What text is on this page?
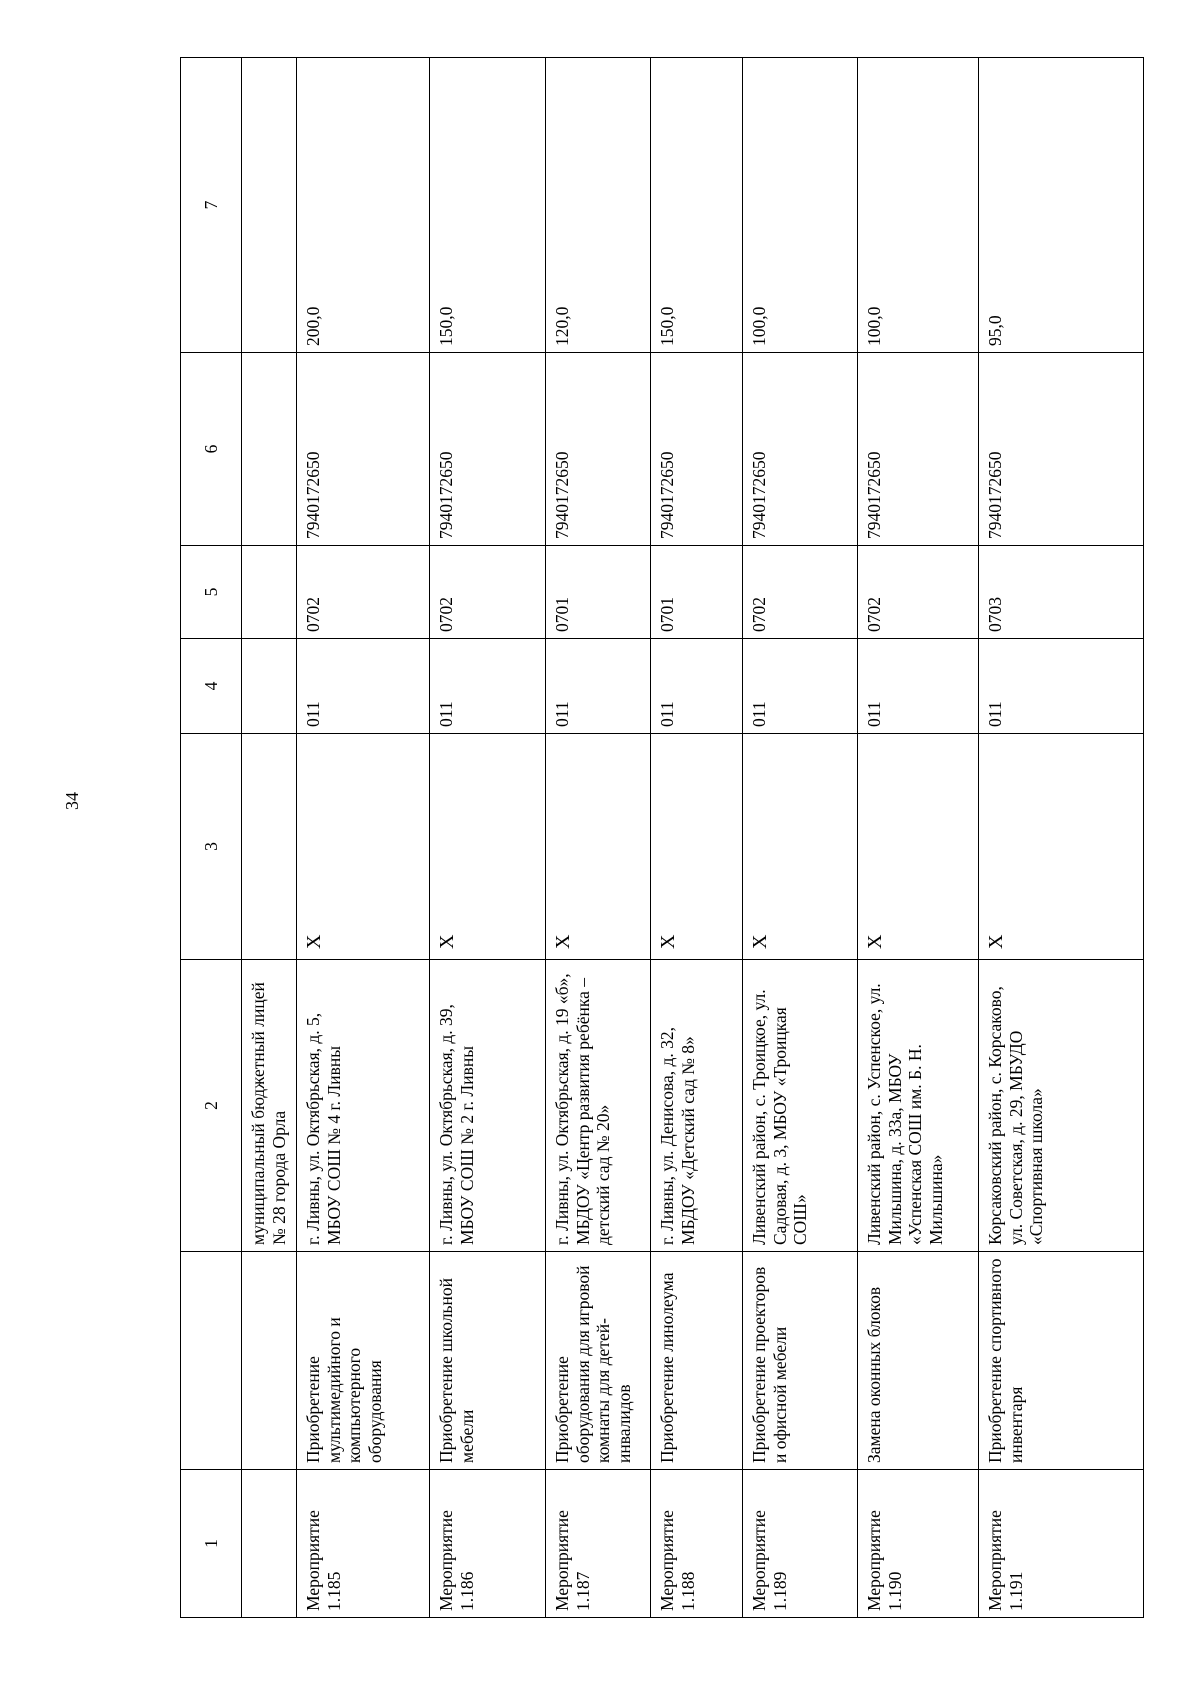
34
1		2	3	4	5	6	7
		муниципальный бюджетный лицей № 28 города Орла					
Мероприятие 1.185	Приобретение мультимедийного и компьютерного оборудования	г. Ливны, ул. Октябрьская, д. 5, МБОУ СОШ № 4 г. Ливны	Х	011	0702	7940172650	200,0
Мероприятие 1.186	Приобретение школьной мебели	г. Ливны, ул. Октябрьская, д. 39, МБОУ СОШ № 2 г. Ливны	Х	011	0702	7940172650	150,0
Мероприятие 1.187	Приобретение оборудования для игровой комнаты для детей-инвалидов	г. Ливны, ул. Октябрьская, д. 19 «б», МБДОУ «Центр развития ребёнка – детский сад № 20»	Х	011	0701	7940172650	120,0
Мероприятие 1.188	Приобретение линолеума	г. Ливны, ул. Денисова, д. 32, МБДОУ «Детский сад № 8»	Х	011	0701	7940172650	150,0
Мероприятие 1.189	Приобретение проекторов и офисной мебели	Ливенский район, с. Троицкое, ул. Садовая, д. 3, МБОУ «Троицкая СОШ»	Х	011	0702	7940172650	100,0
Мероприятие 1.190	Замена оконных блоков	Ливенский район, с. Успенское, ул. Мильшина, д. 33а, МБОУ «Успенская СОШ им. Б. Н. Мильшина»	Х	011	0702	7940172650	100,0
Мероприятие 1.191	Приобретение спортивного инвентаря	Корсаковский район, с. Корсаково, ул. Советская, д. 29, МБУДО «Спортивная школа»	Х	011	0703	7940172650	95,0
